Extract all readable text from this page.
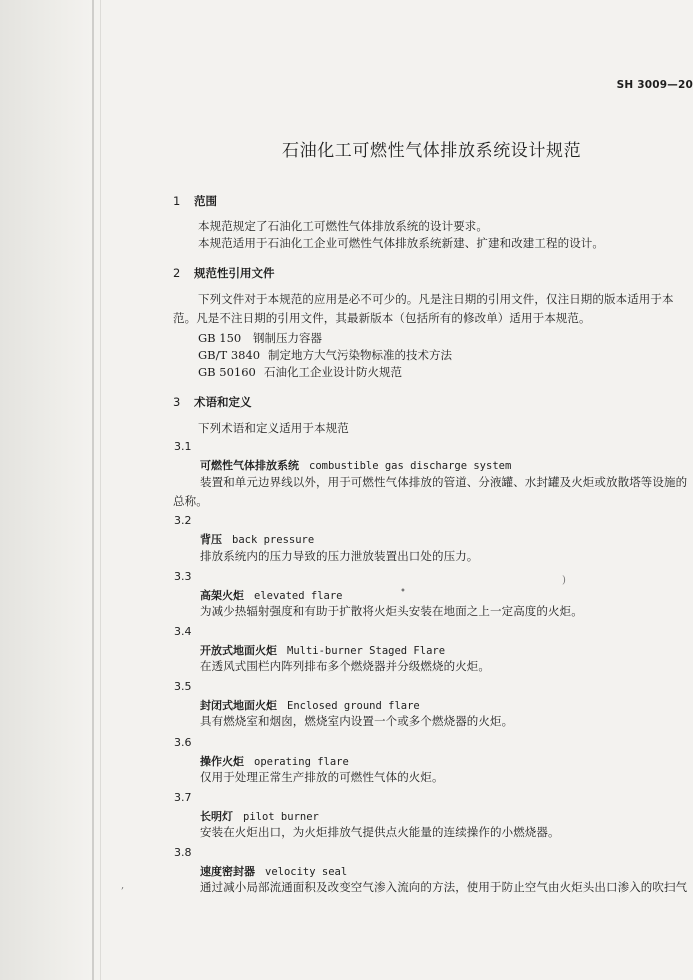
,
•
)
SH 3009—20
石油化工可燃性气体排放系统设计规范
1 范围
本规范规定了石油化工可燃性气体排放系统的设计要求。
本规范适用于石油化工企业可燃性气体排放系统新建、扩建和改建工程的设计。
2 规范性引用文件
下列文件对于本规范的应用是必不可少的。凡是注日期的引用文件，仅注日期的版本适用于本
范。凡是不注日期的引用文件，其最新版本（包括所有的修改单）适用于本规范。
GB 150 钢制压力容器
GB/T 3840 制定地方大气污染物标准的技术方法
GB 50160 石油化工企业设计防火规范
3 术语和定义
下列术语和定义适用于本规范
3.1
可燃性气体排放系统 combustible gas discharge system
装置和单元边界线以外，用于可燃性气体排放的管道、分液罐、水封罐及火炬或放散塔等设施的
总称。
3.2
背压 back pressure
排放系统内的压力导致的压力泄放装置出口处的压力。
3.3
高架火炬 elevated flare
为减少热辐射强度和有助于扩散将火炬头安装在地面之上一定高度的火炬。
3.4
开放式地面火炬 Multi-burner Staged Flare
在透风式围栏内阵列排布多个燃烧器并分级燃烧的火炬。
3.5
封闭式地面火炬 Enclosed ground flare
具有燃烧室和烟囱，燃烧室内设置一个或多个燃烧器的火炬。
3.6
操作火炬 operating flare
仅用于处理正常生产排放的可燃性气体的火炬。
3.7
长明灯 pilot burner
安装在火炬出口，为火炬排放气提供点火能量的连续操作的小燃烧器。
3.8
速度密封器 velocity seal
通过减小局部流通面积及改变空气渗入流向的方法，使用于防止空气由火炬头出口渗入的吹扫气
